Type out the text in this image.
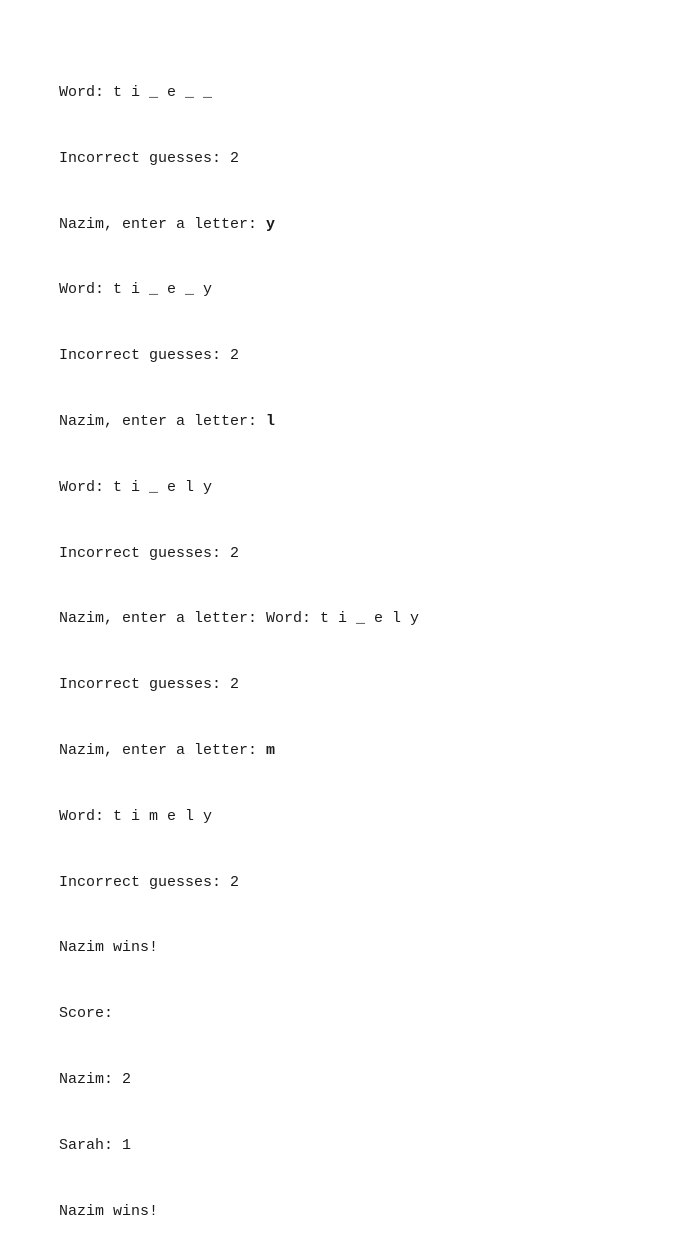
Word: t i _ e _ _

Incorrect guesses: 2

Nazim, enter a letter: y

Word: t i _ e _ y

Incorrect guesses: 2

Nazim, enter a letter: l

Word: t i _ e l y

Incorrect guesses: 2

Nazim, enter a letter: Word: t i _ e l y

Incorrect guesses: 2

Nazim, enter a letter: m

Word: t i m e l y

Incorrect guesses: 2

Nazim wins!

Score:

Nazim: 2

Sarah: 1

Nazim wins!
